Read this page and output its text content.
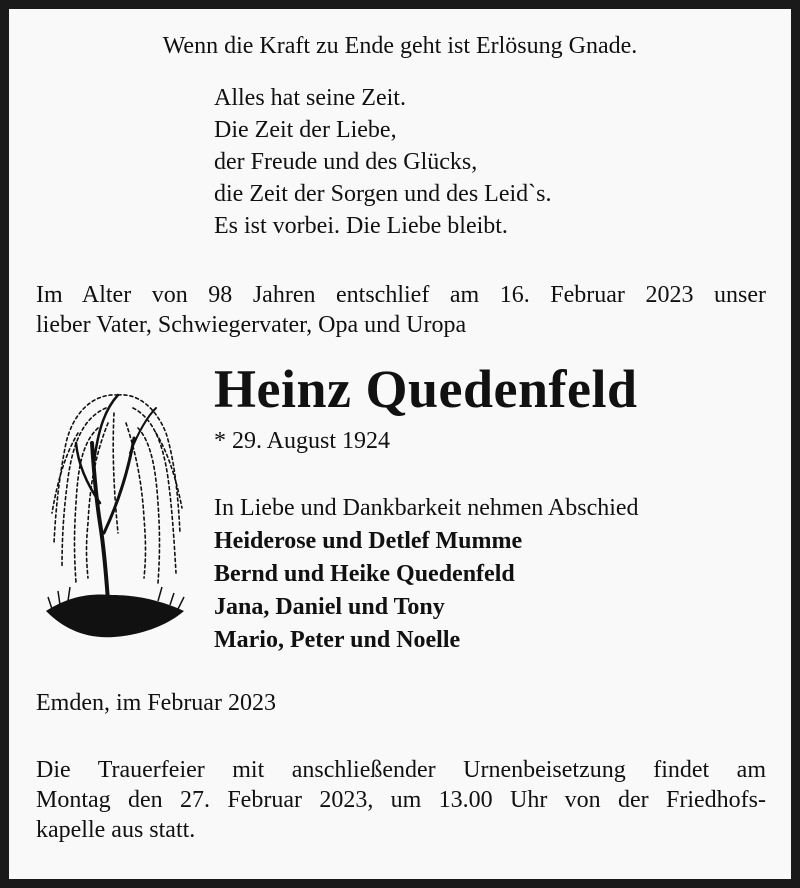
Wenn die Kraft zu Ende geht ist Erlösung Gnade.
Alles hat seine Zeit.
Die Zeit der Liebe,
der Freude und des Glücks,
die Zeit der Sorgen und des Leid`s.
Es ist vorbei. Die Liebe bleibt.
Im Alter von 98 Jahren entschlief am 16. Februar 2023 unser
lieber Vater, Schwiegervater, Opa und Uropa
Heinz Quedenfeld
* 29. August 1924
In Liebe und Dankbarkeit nehmen Abschied
Heiderose und Detlef Mumme
Bernd und Heike Quedenfeld
Jana, Daniel und Tony
Mario, Peter und Noelle
Emden, im Februar 2023
Die Trauerfeier mit anschließender Urnenbeisetzung findet am
Montag den 27. Februar 2023, um 13.00 Uhr von der Friedhofs-
kapelle aus statt.
